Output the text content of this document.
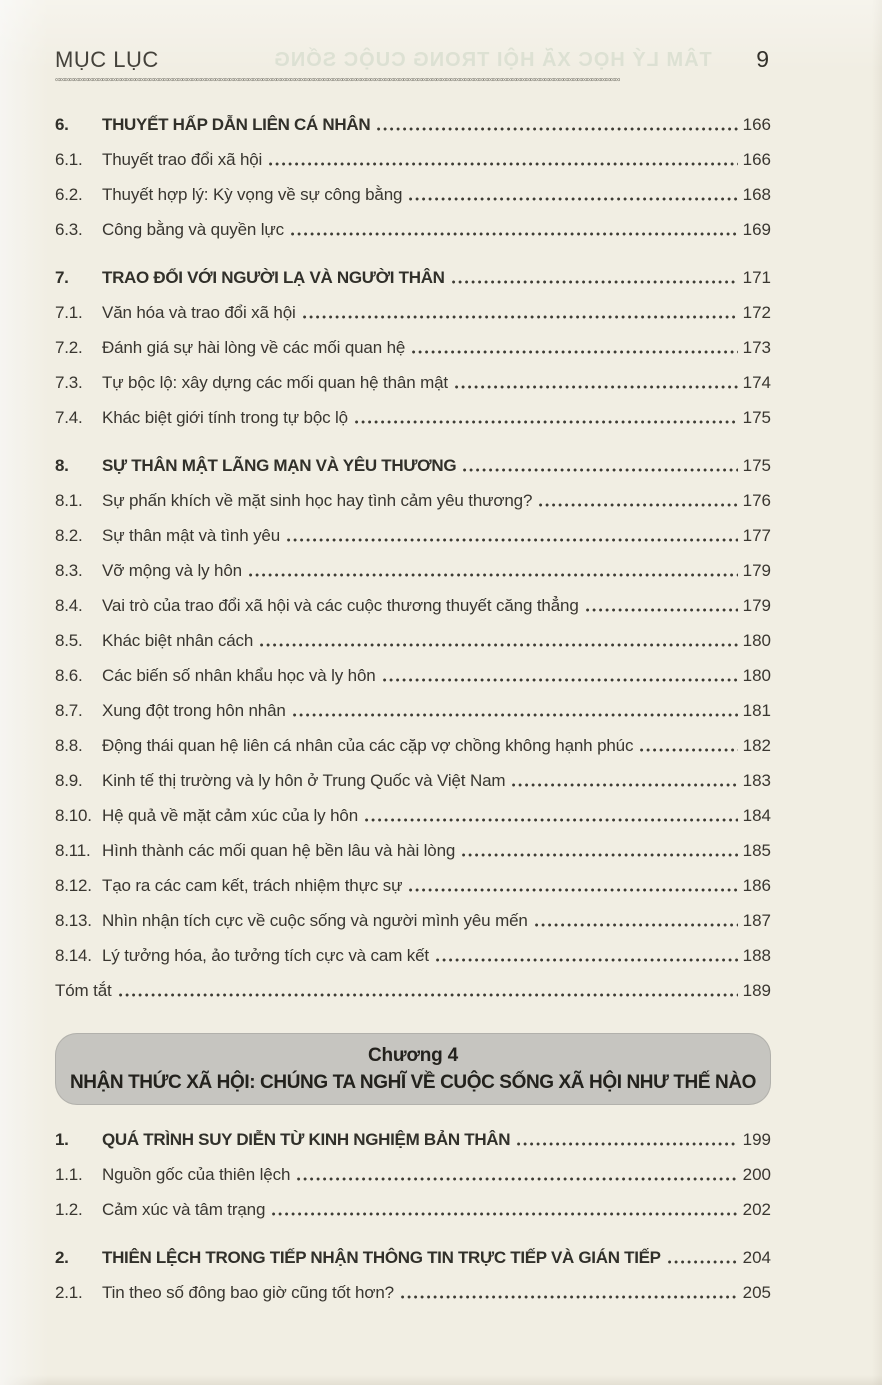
TÂM LÝ HỌC XÃ HỘI TRONG CUỘC SỐNG
MỤC LỤC	9
∞∞∞∞∞∞∞∞∞∞∞∞∞∞∞∞∞∞∞∞∞∞∞∞∞∞∞∞∞∞∞∞∞∞∞∞∞∞∞∞∞∞∞∞∞∞∞∞∞∞∞∞∞∞∞∞∞∞∞∞∞∞∞∞∞∞∞∞∞∞∞∞∞∞∞∞∞∞∞∞∞∞∞∞∞∞∞∞∞∞∞∞∞∞∞∞∞∞∞∞∞∞∞∞∞∞∞∞∞∞∞∞∞∞∞∞∞∞∞∞
6.	THUYẾT HẤP DẪN LIÊN CÁ NHÂN	166
6.1.	Thuyết trao đổi xã hội	166
6.2.	Thuyết hợp lý: Kỳ vọng về sự công bằng	168
6.3.	Công bằng và quyền lực	169
7.	TRAO ĐỔI VỚI NGƯỜI LẠ VÀ NGƯỜI THÂN	171
7.1.	Văn hóa và trao đổi xã hội	172
7.2.	Đánh giá sự hài lòng về các mối quan hệ	173
7.3.	Tự bộc lộ: xây dựng các mối quan hệ thân mật	174
7.4.	Khác biệt giới tính trong tự bộc lộ	175
8.	SỰ THÂN MẬT LÃNG MẠN VÀ YÊU THƯƠNG	175
8.1.	Sự phấn khích về mặt sinh học hay tình cảm yêu thương?	176
8.2.	Sự thân mật và tình yêu	177
8.3.	Vỡ mộng và ly hôn	179
8.4.	Vai trò của trao đổi xã hội và các cuộc thương thuyết căng thẳng	179
8.5.	Khác biệt nhân cách	180
8.6.	Các biến số nhân khẩu học và ly hôn	180
8.7.	Xung đột trong hôn nhân	181
8.8.	Động thái quan hệ liên cá nhân của các cặp vợ chồng không hạnh phúc	182
8.9.	Kinh tế thị trường và ly hôn ở Trung Quốc và Việt Nam	183
8.10. Hệ quả về mặt cảm xúc của ly hôn	184
8.11. Hình thành các mối quan hệ bền lâu và hài lòng	185
8.12. Tạo ra các cam kết, trách nhiệm thực sự	186
8.13. Nhìn nhận tích cực về cuộc sống và người mình yêu mến	187
8.14. Lý tưởng hóa, ảo tưởng tích cực và cam kết	188
Tóm tắt	189
Chương 4
NHẬN THỨC XÃ HỘI: CHÚNG TA NGHĨ VỀ CUỘC SỐNG XÃ HỘI NHƯ THẾ NÀO
1.	QUÁ TRÌNH SUY DIỄN TỪ KINH NGHIỆM BẢN THÂN	199
1.1.	Nguồn gốc của thiên lệch	200
1.2.	Cảm xúc và tâm trạng	202
2.	THIÊN LỆCH TRONG TIẾP NHẬN THÔNG TIN TRỰC TIẾP VÀ GIÁN TIẾP	204
2.1.	Tin theo số đông bao giờ cũng tốt hơn?	205
